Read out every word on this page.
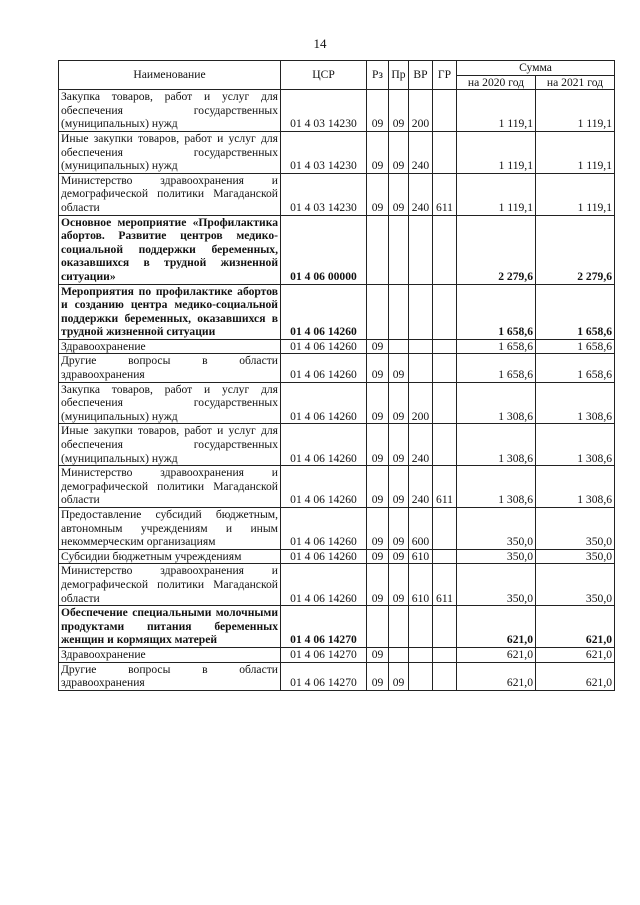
14
Наименование	ЦСР	Рз	Пр	ВР	ГР	Сумма	
						на 2020 год	на 2021 год
Закупка товаров, работ и услуг для обеспечения государственных (муниципальных) нужд	01 4 03 14230	09	09	200		1 119,1	1 119,1
Иные закупки товаров, работ и услуг для обеспечения государственных (муниципальных) нужд	01 4 03 14230	09	09	240		1 119,1	1 119,1
Министерство здравоохранения и демографической политики Магаданской области	01 4 03 14230	09	09	240	611	1 119,1	1 119,1
Основное мероприятие «Профилактика абортов. Развитие центров медико-социальной поддержки беременных, оказавшихся в трудной жизненной ситуации»	01 4 06 00000					2 279,6	2 279,6
Мероприятия по профилактике абортов и созданию центра медико-социальной поддержки беременных, оказавшихся в трудной жизненной ситуации	01 4 06 14260					1 658,6	1 658,6
Здравоохранение	01 4 06 14260	09				1 658,6	1 658,6
Другие вопросы в области здравоохранения	01 4 06 14260	09	09			1 658,6	1 658,6
Закупка товаров, работ и услуг для обеспечения государственных (муниципальных) нужд	01 4 06 14260	09	09	200		1 308,6	1 308,6
Иные закупки товаров, работ и услуг для обеспечения государственных (муниципальных) нужд	01 4 06 14260	09	09	240		1 308,6	1 308,6
Министерство здравоохранения и демографической политики Магаданской области	01 4 06 14260	09	09	240	611	1 308,6	1 308,6
Предоставление субсидий бюджетным, автономным учреждениям и иным некоммерческим организациям	01 4 06 14260	09	09	600		350,0	350,0
Субсидии бюджетным учреждениям	01 4 06 14260	09	09	610		350,0	350,0
Министерство здравоохранения и демографической политики Магаданской области	01 4 06 14260	09	09	610	611	350,0	350,0
Обеспечение специальными молочными продуктами питания беременных женщин и кормящих матерей	01 4 06 14270					621,0	621,0
Здравоохранение	01 4 06 14270	09				621,0	621,0
Другие вопросы в области здравоохранения	01 4 06 14270	09	09			621,0	621,0
